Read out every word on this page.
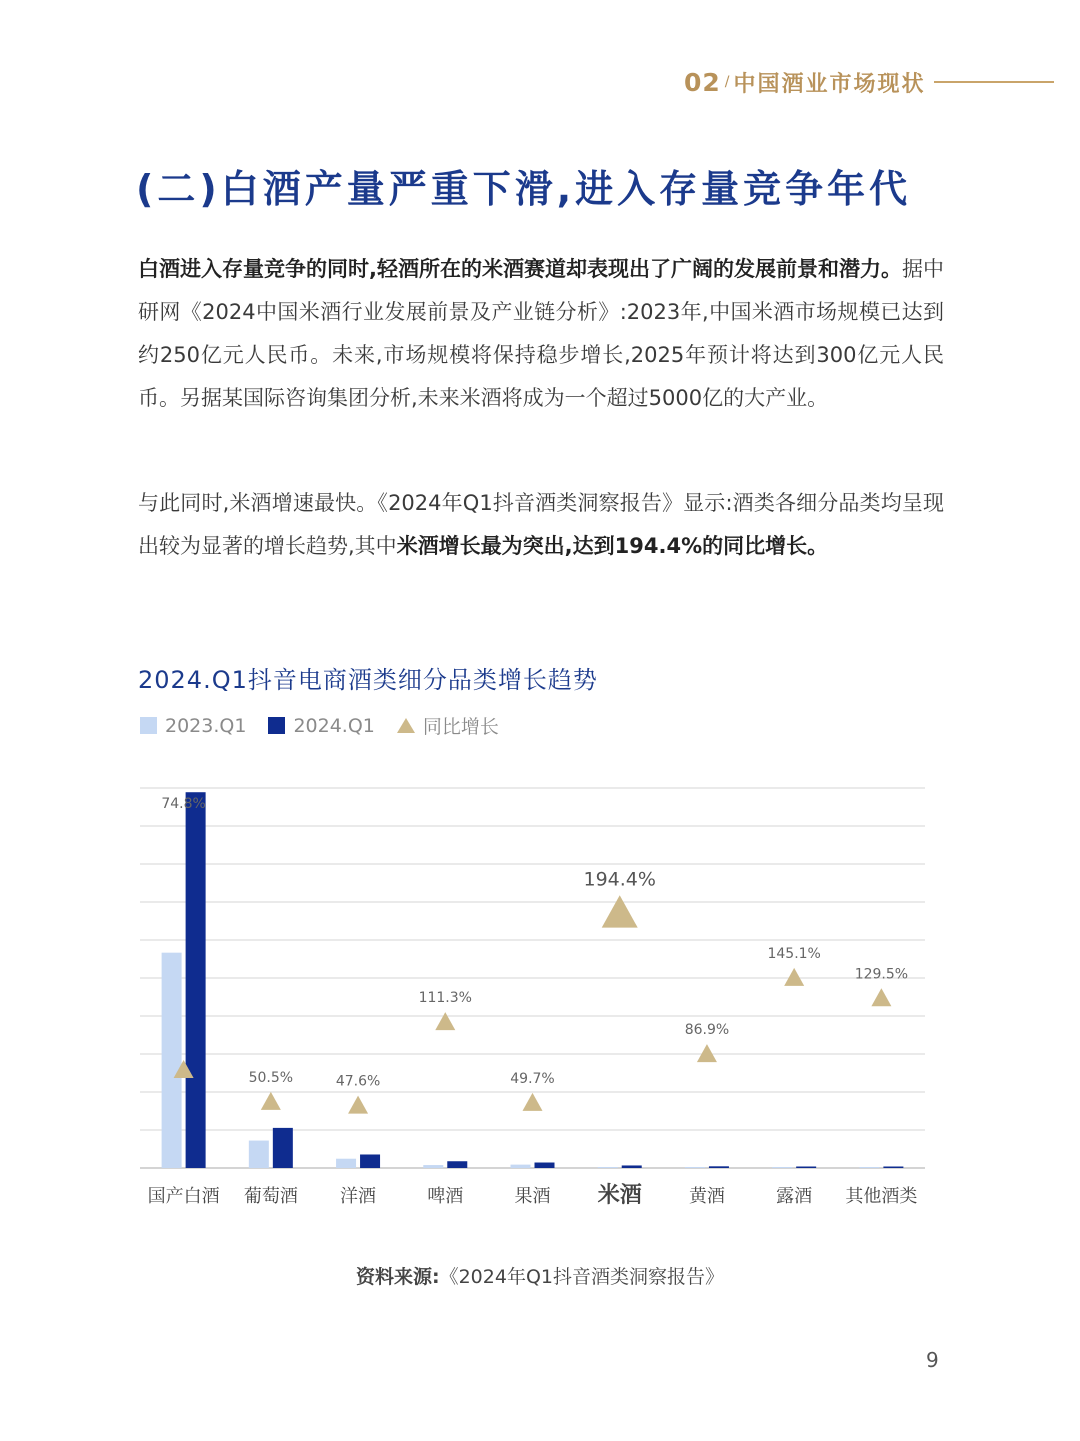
02 / 中国酒业市场现状
(二)白酒产量严重下滑,进入存量竞争年代
白酒进入存量竞争的同时,轻酒所在的米酒赛道却表现出了广阔的发展前景和潜力。据中研网《2024中国米酒行业发展前景及产业链分析》:2023年,中国米酒市场规模已达到约250亿元人民币。未来,市场规模将保持稳步增长,2025年预计将达到300亿元人民币。另据某国际咨询集团分析,未来米酒将成为一个超过5000亿的大产业。
与此同时,米酒增速最快。《2024年Q1抖音酒类洞察报告》显示:酒类各细分品类均呈现出较为显著的增长趋势,其中米酒增长最为突出,达到194.4%的同比增长。
2024.Q1抖音电商酒类细分品类增长趋势
2023.Q1 2024.Q1	同比增长
74.8%
国产白酒
50.5%
葡萄酒
47.6%
洋酒
111.3%
啤酒
49.7%
果酒
194.4%
米酒
86.9%
黄酒
145.1%
露酒
129.5%
其他酒类
资料来源:《2024年Q1抖音酒类洞察报告》
9
